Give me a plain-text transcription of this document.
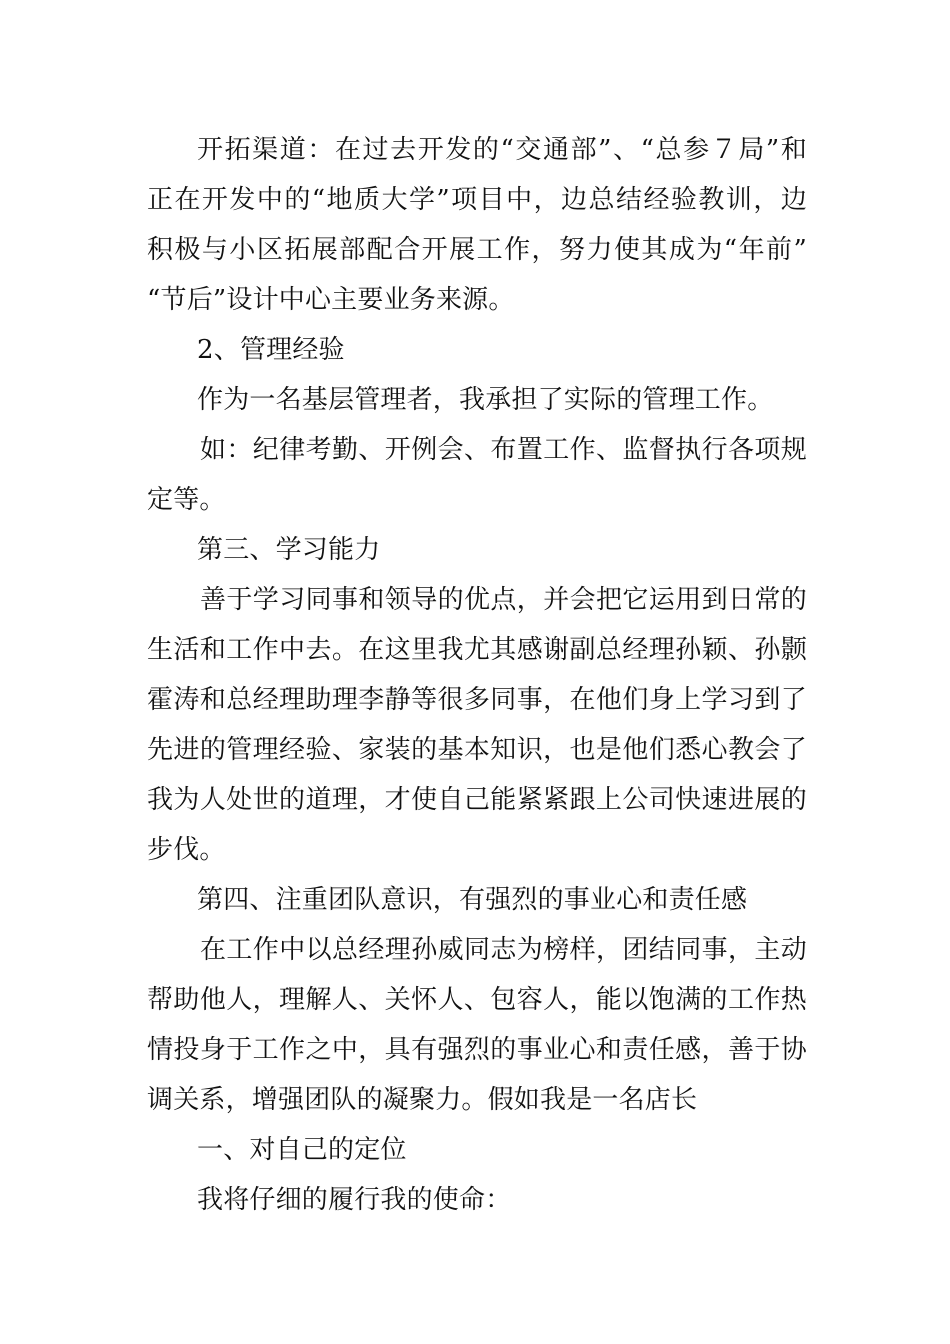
开拓渠道：在过去开发的“交通部”、“总参７局”和
正在开发中的“地质大学”项目中，边总结经验教训，边
积极与小区拓展部配合开展工作，努力使其成为“年前”
“节后”设计中心主要业务来源。
2、管理经验
作为一名基层管理者，我承担了实际的管理工作。
如：纪律考勤、开例会、布置工作、监督执行各项规
定等。
第三、学习能力
善于学习同事和领导的优点，并会把它运用到日常的
生活和工作中去。在这里我尤其感谢副总经理孙颖、孙颢
霍涛和总经理助理李静等很多同事，在他们身上学习到了
先进的管理经验、家装的基本知识，也是他们悉心教会了
我为人处世的道理，才使自己能紧紧跟上公司快速进展的
步伐。
第四、注重团队意识，有强烈的事业心和责任感
在工作中以总经理孙威同志为榜样，团结同事，主动
帮助他人，理解人、关怀人、包容人，能以饱满的工作热
情投身于工作之中，具有强烈的事业心和责任感，善于协
调关系，增强团队的凝聚力。假如我是一名店长
一、对自己的定位
我将仔细的履行我的使命：
